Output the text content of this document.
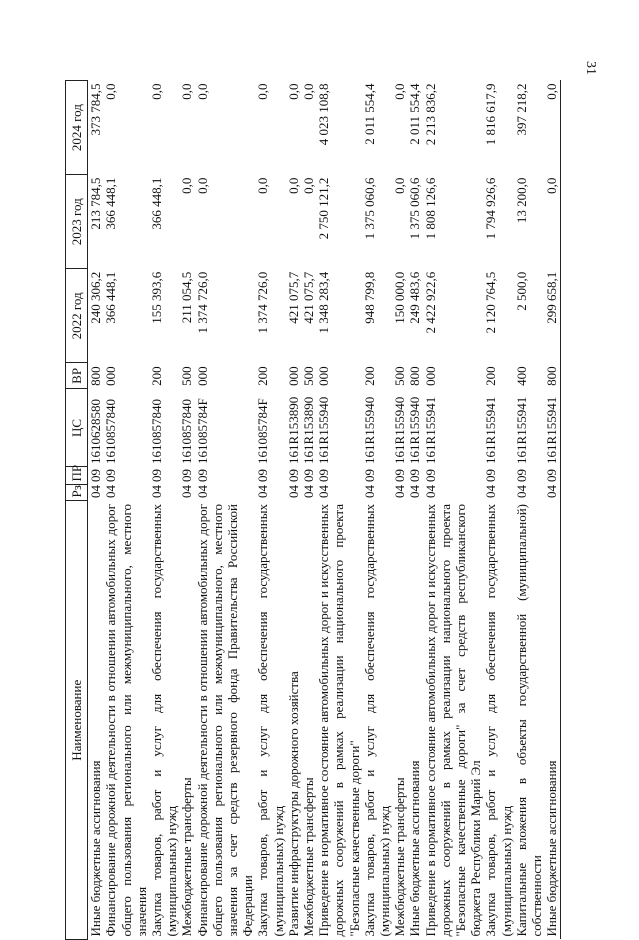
31
Наименование	Рз	ПР	ЦС	ВР	2022 год	2023 год	2024 год
Иные бюджетные ассигнования	04	09	1610628580	800	240 306,2	213 784,5	373 784,5
Финансирование дорожной деятельности в отношении автомобильных дорог общего пользования регионального или межмуниципального, местного значения	04	09	1610857840	000	366 448,1	366 448,1	0,0
Закупка товаров, работ и услуг для обеспечения государственных (муниципальных) нужд	04	09	1610857840	200	155 393,6	366 448,1	0,0
Межбюджетные трансферты	04	09	1610857840	500	211 054,5	0,0	0,0
Финансирование дорожной деятельности в отношении автомобильных дорог общего пользования регионального или межмуниципального, местного значения за счет средств резервного фонда Правительства Российской Федерации	04	09	161085784F	000	1 374 726,0	0,0	0,0
Закупка товаров, работ и услуг для обеспечения государственных (муниципальных) нужд	04	09	161085784F	200	1 374 726,0	0,0	0,0
Развитие инфраструктуры дорожного хозяйства	04	09	161R153890	000	421 075,7	0,0	0,0
Межбюджетные трансферты	04	09	161R153890	500	421 075,7	0,0	0,0
Приведение в нормативное состояние автомобильных дорог и искусственных дорожных сооружений в рамках реализации национального проекта "Безопасные качественные дороги"	04	09	161R155940	000	1 348 283,4	2 750 121,2	4 023 108,8
Закупка товаров, работ и услуг для обеспечения государственных (муниципальных) нужд	04	09	161R155940	200	948 799,8	1 375 060,6	2 011 554,4
Межбюджетные трансферты	04	09	161R155940	500	150 000,0	0,0	0,0
Иные бюджетные ассигнования	04	09	161R155940	800	249 483,6	1 375 060,6	2 011 554,4
Приведение в нормативное состояние автомобильных дорог и искусственных дорожных сооружений в рамках реализации национального проекта "Безопасные качественные дороги" за счет средств республиканского бюджета Республики Марий Эл	04	09	161R155941	000	2 422 922,6	1 808 126,6	2 213 836,2
Закупка товаров, работ и услуг для обеспечения государственных (муниципальных) нужд	04	09	161R155941	200	2 120 764,5	1 794 926,6	1 816 617,9
Капитальные вложения в объекты государственной (муниципальной) собственности	04	09	161R155941	400	2 500,0	13 200,0	397 218,2
Иные бюджетные ассигнования	04	09	161R155941	800	299 658,1	0,0	0,0
